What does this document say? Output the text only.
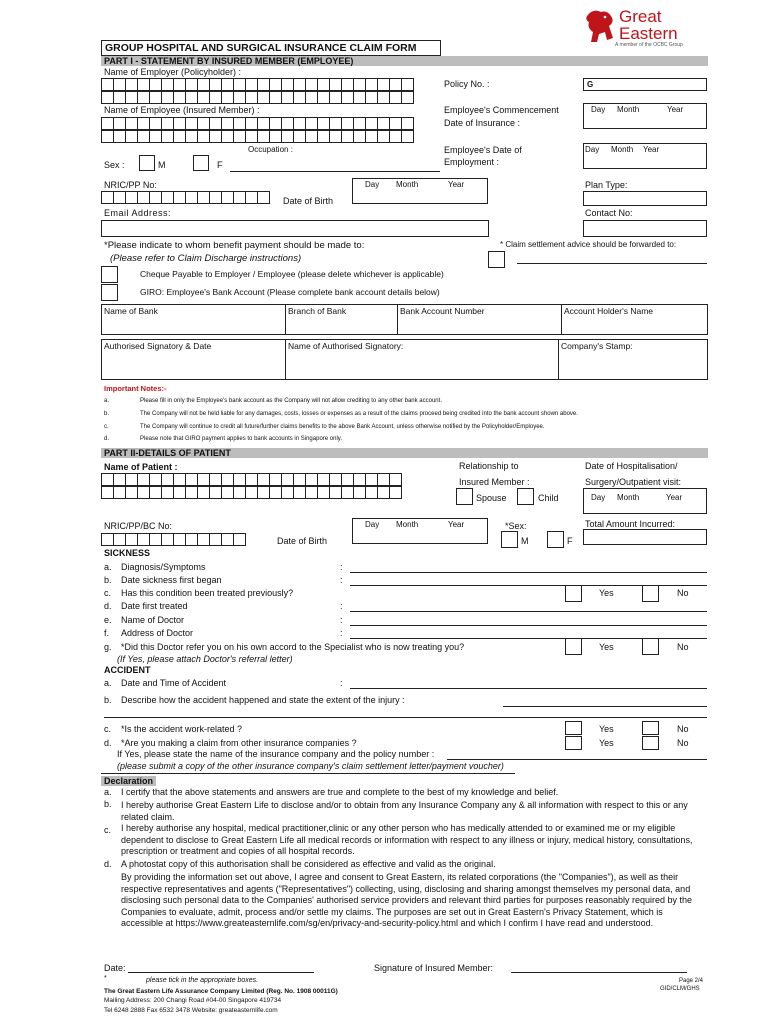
Great
Eastern
A member of the OCBC Group
GROUP HOSPITAL AND SURGICAL INSURANCE CLAIM FORM
PART I - STATEMENT BY INSURED MEMBER (EMPLOYEE)
Name of Employer (Policyholder) :
Policy No. :	G
Name of Employee (Insured Member) :	Employee's Commencement
Date of Insurance :
Day Month	Year
Occupation :
Sex :	M	F
Employee's Date of
Employment :
Day Month Year
NRIC/PP No:
Date of Birth
Day Month	Year	Plan Type:
Email Address:	Contact No:
*Please indicate to whom benefit payment should be made to:
(Please refer to Claim Discharge instructions)
* Claim settlement advice should be forwarded to:
Cheque Payable to Employer / Employee (please delete whichever is applicable)
GIRO: Employee's Bank Account (Please complete bank account details below)
Name of Bank	Branch of Bank	Bank Account Number	Account Holder's Name
Authorised Signatory & Date	Name of Authorised Signatory:	Company's Stamp:
Important Notes:-
a.	Please fill in only the Employee's bank account as the Company will not allow crediting to any other bank account.
b.	The Company will not be held liable for any damages, costs, losses or expenses as a result of the claims proceed being credited into the bank account shown above.
c.	The Company will continue to credit all future/further claims benefits to the above Bank Account, unless otherwise notified by the Policyholder/Employee.
d.	Please note that GIRO payment applies to bank accounts in Singapore only.
PART II-DETAILS OF PATIENT
Name of Patient :	Relationship to
Insured Member :
Spouse	Child
Date of Hospitalisation/
Surgery/Outpatient visit:
Day Month	Year
NRIC/PP/BC No:
Date of Birth
Day Month	Year	*Sex:
M	F
Total Amount Incurred:
SICKNESS
a. Diagnosis/Symptoms	:
b. Date sickness first began	:
c. Has this condition been treated previously?	Yes	No
d. Date first treated	:
e. Name of Doctor	:
f. Address of Doctor	:
g. *Did this Doctor refer you on his own accord to the Specialist who is now treating you?	Yes	No
(If Yes, please attach Doctor's referral letter)
ACCIDENT
a. Date and Time of Accident	:
b. Describe how the accident happened and state the extent of the injury :
c. *Is the accident work-related ?	Yes	No
d. *Are you making a claim from other insurance companies ?	Yes	No
If Yes, please state the name of the insurance company and the policy number :
(please submit a copy of the other insurance company's claim settlement letter/payment voucher)
Declaration
a. I certify that the above statements and answers are true and complete to the best of my knowledge and belief.
b. I hereby authorise Great Eastern Life to disclose and/or to obtain from any Insurance Company any & all information with respect to this or any related claim.
c. I hereby authorise any hospital, medical practitioner,clinic or any other person who has medically attended to or examined me or my eligible dependent to disclose to Great Eastern Life all medical records or information with respect to any illness or injury, medical history, consultations, prescription or treatment and copies of all hospital records.
d. A photostat copy of this authorisation shall be considered as effective and valid as the original.
By providing the information set out above, I agree and consent to Great Eastern, its related corporations (the "Companies"), as well as their respective representatives and agents ("Representatives") collecting, using, disclosing and sharing amongst themselves my personal data, and disclosing such personal data to the Companies' authorised service providers and relevant third parties for purposes reasonably required by the Companies to evaluate, admit, process and/or settle my claims. The purposes are set out in Great Eastern's Privacy Statement, which is accessible at https://www.greateasternlife.com/sg/en/privacy-and-security-policy.html and which I confirm I have read and understood.
Date:	Signature of Insured Member:
*	please tick in the appropriate boxes.
The Great Eastern Life Assurance Company Limited (Reg. No. 1908 00011G)
Mailing Address: 200 Changi Road #04-00 Singapore 419734
Tel 6248 2888 Fax 6532 3478 Website: greateasternlife.com
Page 2/4
GID/CLM/GHS
